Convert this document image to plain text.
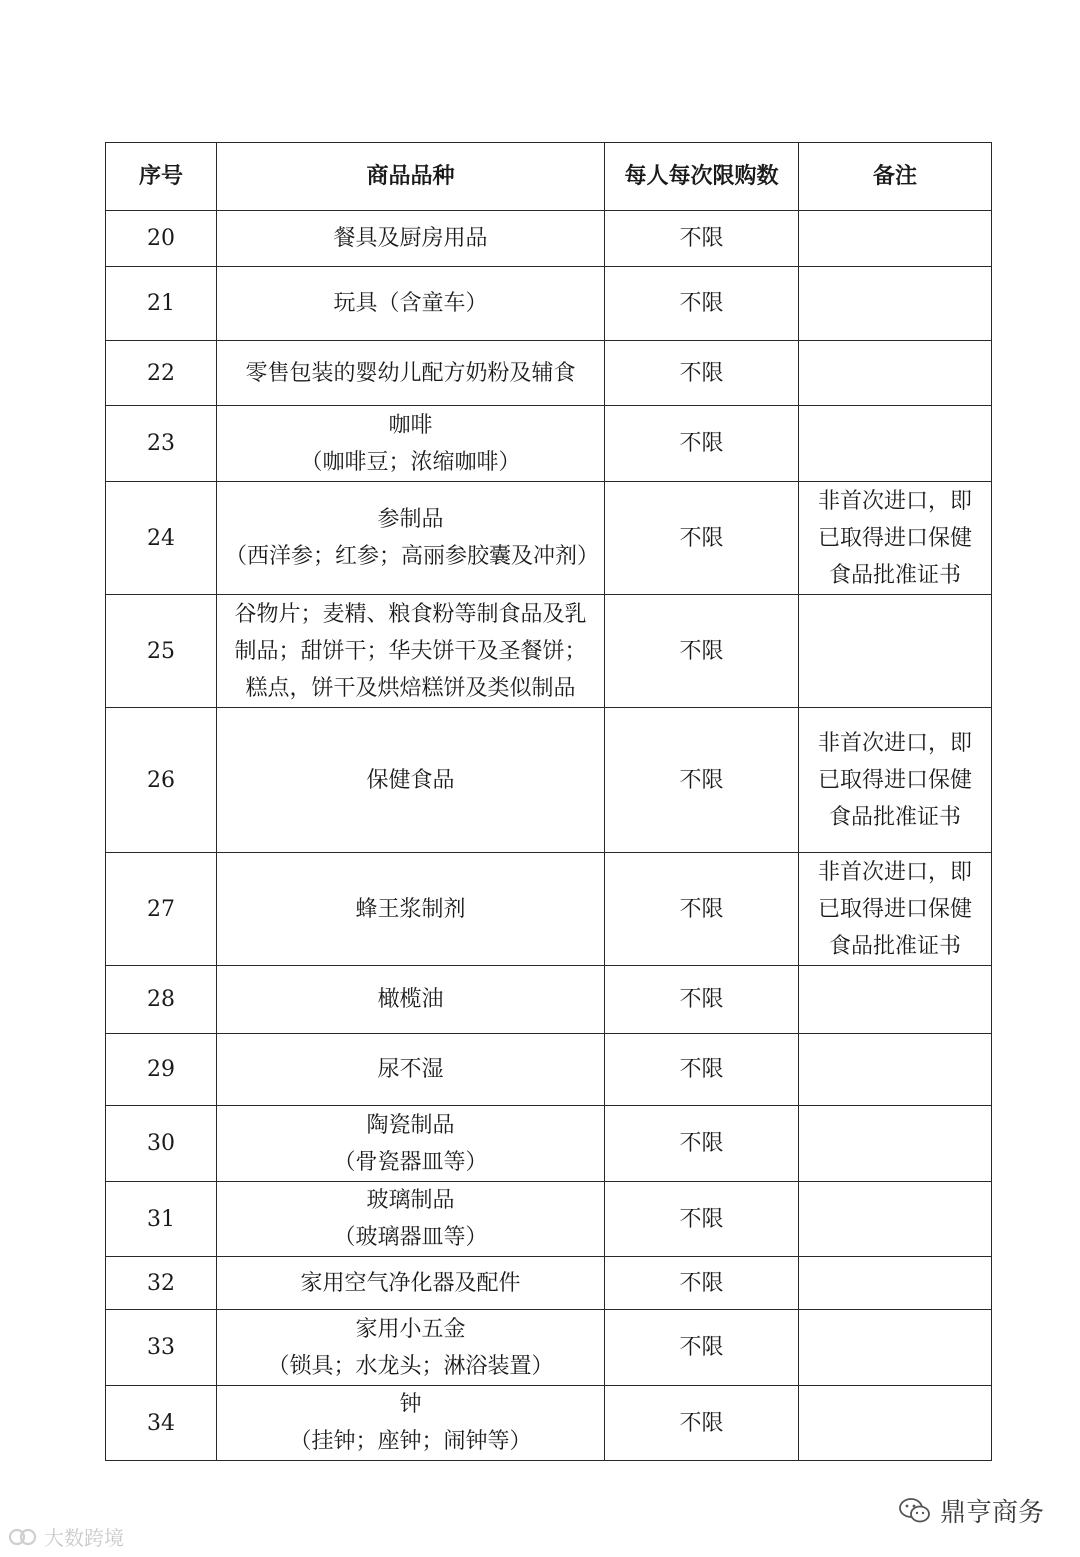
序号	商品品种	每人每次限购数	备注
20	餐具及厨房用品	不限	
21	玩具（含童车）	不限	
22	零售包装的婴幼儿配方奶粉及辅食	不限	
23	咖啡
（咖啡豆；浓缩咖啡）	不限	
24	参制品
（西洋参；红参；高丽参胶囊及冲剂）	不限	非首次进口，即
已取得进口保健
食品批准证书

25	谷物片；麦精、粮食粉等制食品及乳
制品；甜饼干；华夫饼干及圣餐饼；
糕点，饼干及烘焙糕饼及类似制品	不限	
26	保健食品	不限	非首次进口，即
已取得进口保健
食品批准证书

27	蜂王浆制剂	不限	非首次进口，即
已取得进口保健
食品批准证书

28	橄榄油	不限	
29	尿不湿	不限	
30	陶瓷制品
（骨瓷器皿等）	不限	
31	玻璃制品
（玻璃器皿等）	不限	
32	家用空气净化器及配件	不限	
33	家用小五金
（锁具；水龙头；淋浴装置）	不限	
34	钟
（挂钟；座钟；闹钟等）	不限	
大数跨境
鼎亨商务
